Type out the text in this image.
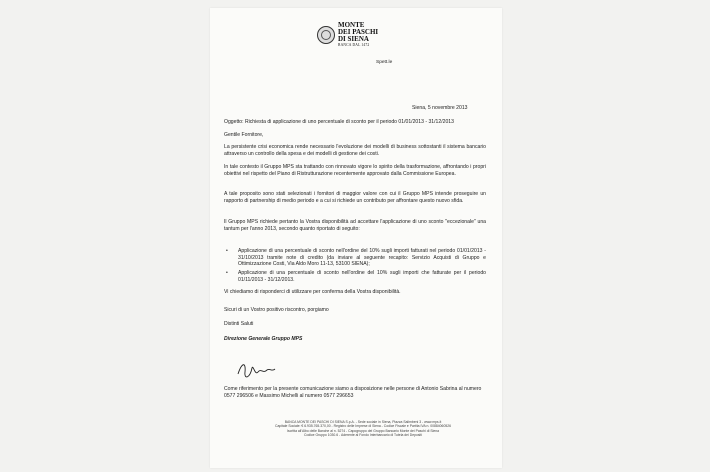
MONTE
DEI PASCHI
DI SIENA
BANCA DAL 1472
Spett.le
Siena, 5 novembre 2013
Oggetto: Richiesta di applicazione di uno percentuale di sconto per il periodo 01/01/2013 - 31/12/2013
Gentile Fornitore,
La persistente crisi economica rende necessario l'evoluzione dei modelli di business sottostanti il sistema bancario attraverso un controllo della spesa e dei modelli di gestione dei costi.
In tale contesto il Gruppo MPS sta trattando con rinnovato vigore lo spirito della trasformazione, affrontando i propri obiettivi nel rispetto del Piano di Ristrutturazione recentemente approvato dalla Commissione Europea.
A tale proposito sono stati selezionati i fornitori di maggior valore con cui il Gruppo MPS intende proseguire un rapporto di partnership di medio periodo e a cui si richiede un contributo per affrontare questo nuovo sfida.
Il Gruppo MPS richiede pertanto la Vostra disponibilità ad accettare l'applicazione di uno sconto "eccezionale" una tantum per l'anno 2013, secondo quanto riportato di seguito:
•	Applicazione di una percentuale di sconto nell'ordine del 10% sugli importi fatturati nel periodo 01/01/2013 - 31/10/2013 tramite note di credito (da inviare al seguente recapito: Servizio Acquisti di Gruppo e Ottimizzazione Costi, Via Aldo Moro 11-13, 53100 SIENA);
•	Applicazione di una percentuale di sconto nell'ordine del 10% sugli importi che fatturate per il periodo 01/11/2013 - 31/12/2013.
Vi chiediamo di risponderci di utilizzare per conferma della Vostra disponibilità.
Sicuri di un Vostro positivo riscontro, porgiamo
Distinti Saluti
Direzione Generale Gruppo MPS
Come riferimento per la presente comunicazione siamo a disposizione nelle persone di Antonio Sabrina al numero 0577 296506 e Massimo Michelli al numero 0577 296653
BANCA MONTE DEI PASCHI DI SIENA S.p.A. - Sede sociale in Siena, Piazza Salimbeni 3 - www.mps.it
Capitale Sociale: € 6.935.765.370,00 - Registro delle Imprese di Siena - Codice Fiscale e Partita IVA n. 00884060526
Iscritta all'Albo delle Banche al n. 5274 - Capogruppo del Gruppo Bancario Monte dei Paschi di Siena
Codice Gruppo 1030.6 - Aderente al Fondo Interbancario di Tutela dei Depositi
